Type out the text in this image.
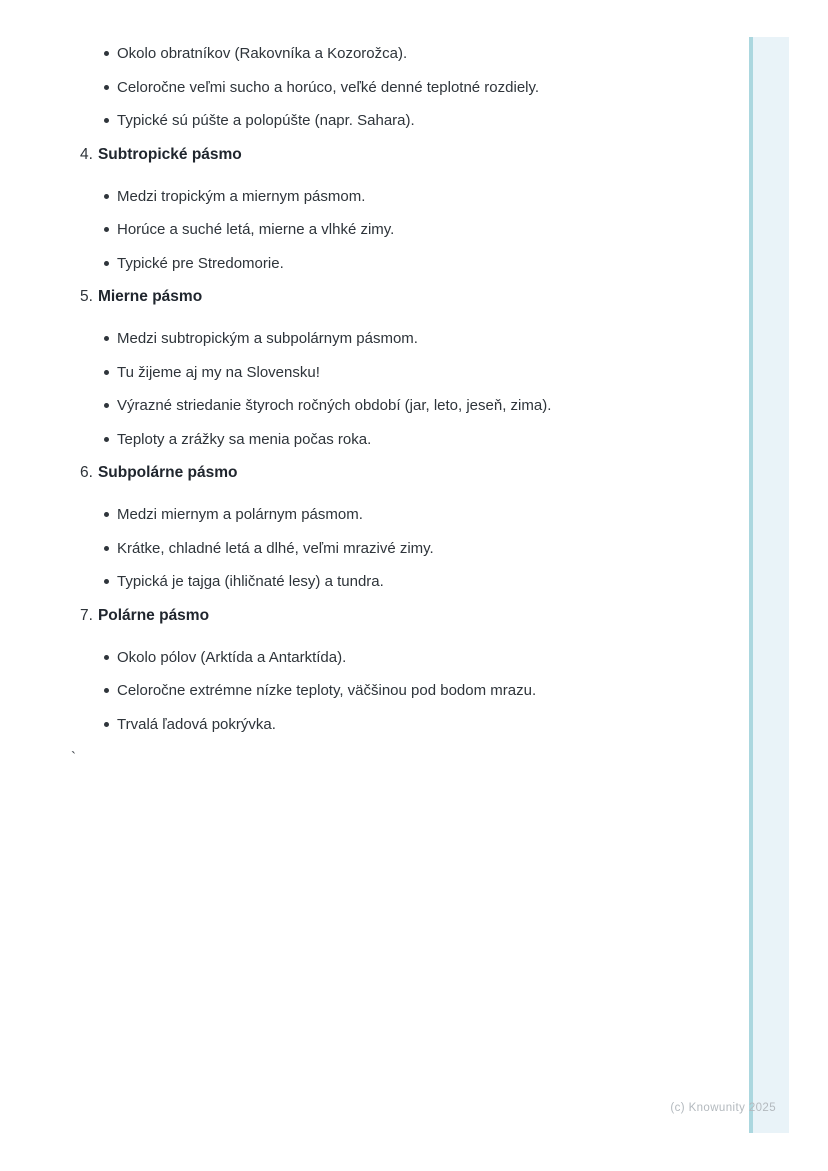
Okolo obratníkov (Rakovníka a Kozorožca).
Celoročne veľmi sucho a horúco, veľké denné teplotné rozdiely.
Typické sú púšte a polopúšte (napr. Sahara).
4. Subtropické pásmo
Medzi tropickým a miernym pásmom.
Horúce a suché letá, mierne a vlhké zimy.
Typické pre Stredomorie.
5. Mierne pásmo
Medzi subtropickým a subpolárnym pásmom.
Tu žijeme aj my na Slovensku!
Výrazné striedanie štyroch ročných období (jar, leto, jeseň, zima).
Teploty a zrážky sa menia počas roka.
6. Subpolárne pásmo
Medzi miernym a polárnym pásmom.
Krátke, chladné letá a dlhé, veľmi mrazivé zimy.
Typická je tajga (ihličnaté lesy) a tundra.
7. Polárne pásmo
Okolo pólov (Arktída a Antarktída).
Celoročne extrémne nízke teploty, väčšinou pod bodom mrazu.
Trvalá ľadová pokrývka.
`
(c) Knowunity 2025
